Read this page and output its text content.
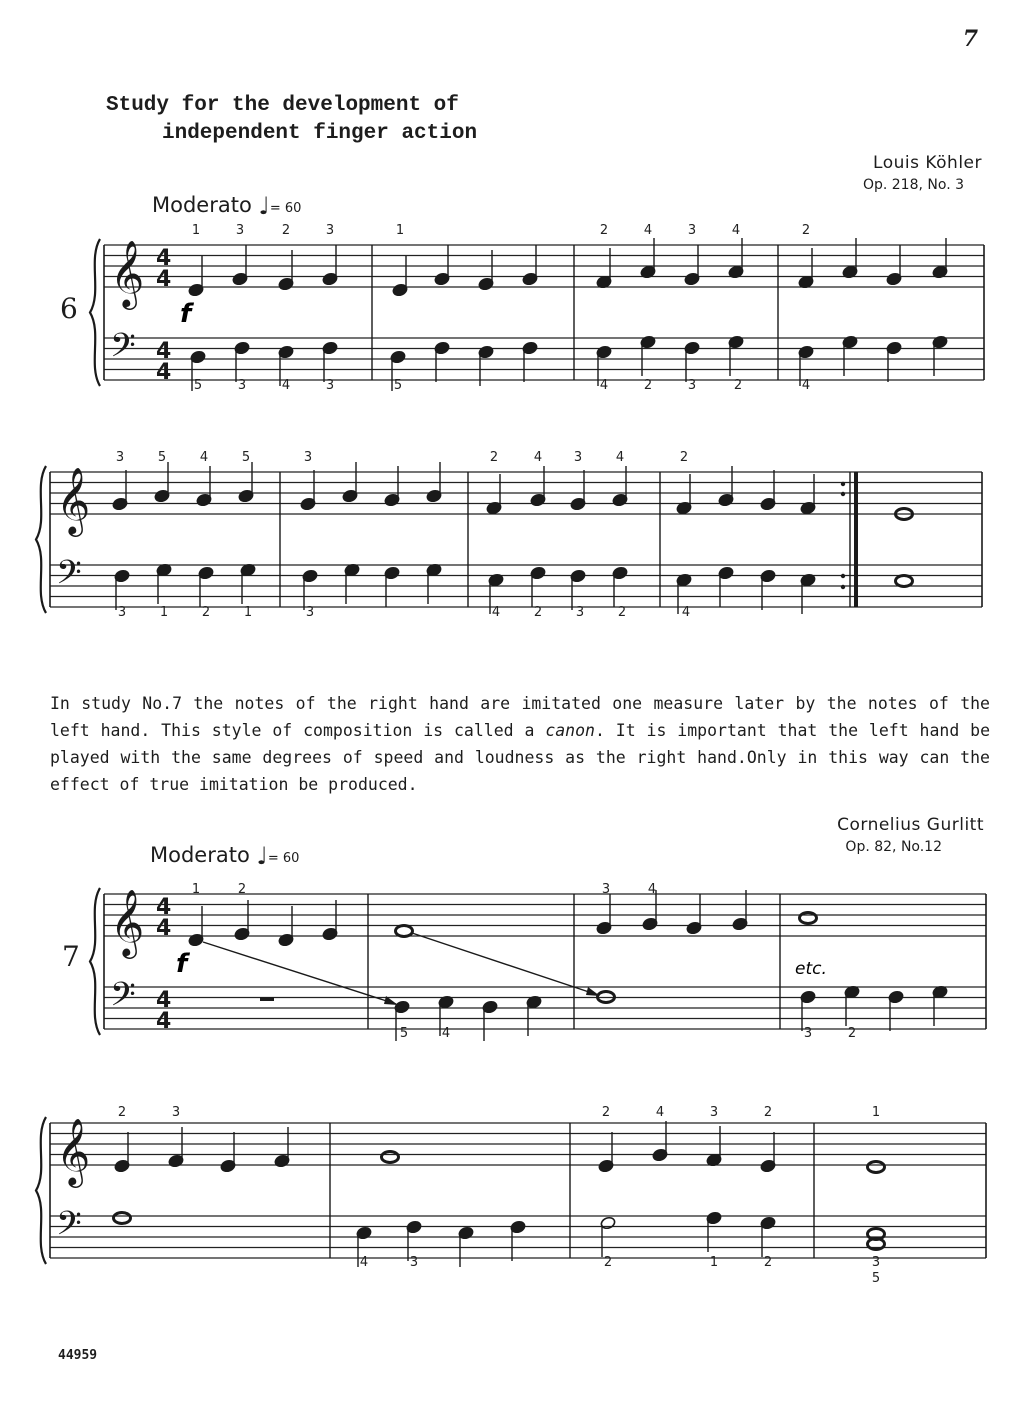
7
Study for the development of
independent finger action
Louis Köhler
Op. 218, No. 3
Moderato ♩= 60
6
In study No.7 the notes of the right hand are imitated one measure later by the notes of the left hand. This style of composition is called a canon. It is important that the left hand be played with the same degrees of speed and loudness as the right hand.Only in this way can the effect of true imitation be produced.
Cornelius Gurlitt
Op. 82, No.12
Moderato ♩= 60
7
44959
𝄞
𝄢
4
4
4
4
1	3	2	3	1	2	4	3	4	2
5	3	4	3	5	4	2	3	2	4
𝄞
𝄢
3	5	4	5	3	2	4 3	4	2
3	1	2	1	3	4	2	3	2	4
𝄞
𝄢
4
4
4
4
1	2	3	4
5	4	3	2
𝄞
𝄢
2	3	2	4	3	2	1
4	3	2	1	2	3
5
f
f	etc.
